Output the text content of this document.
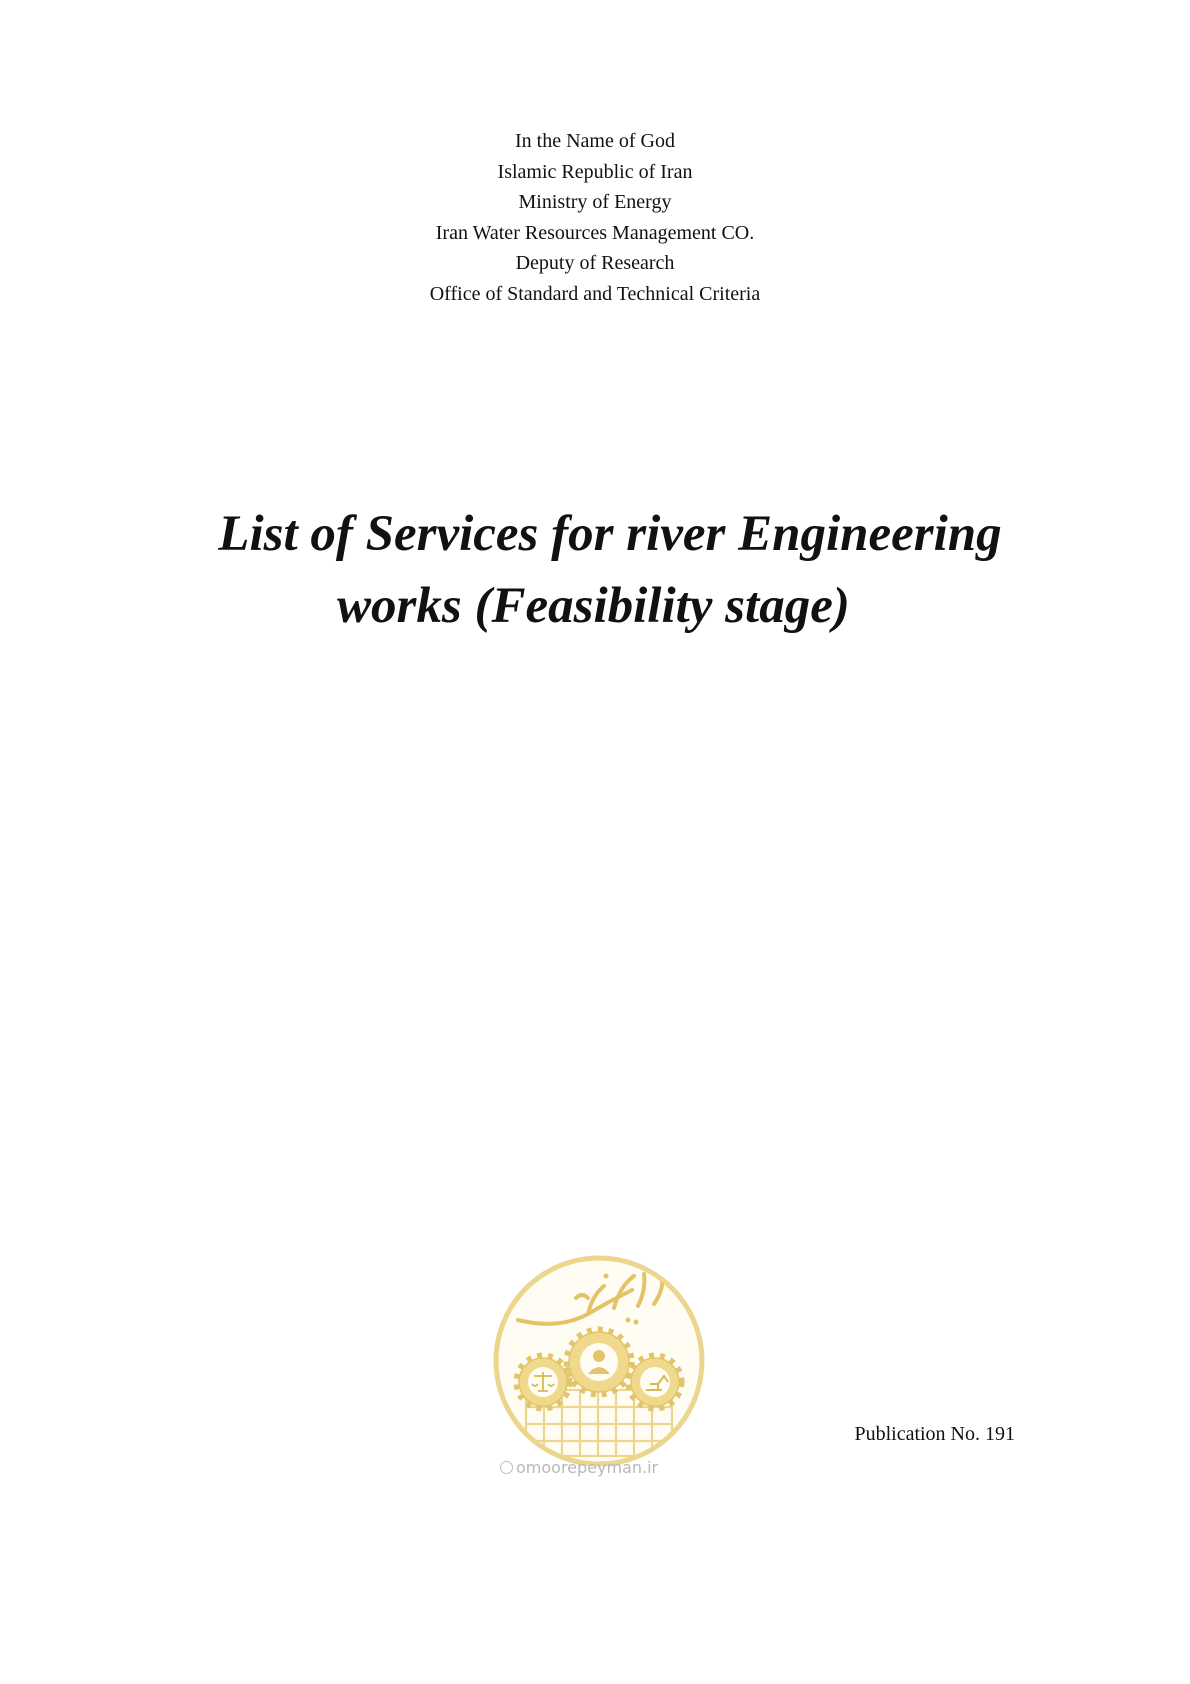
In the Name of God
Islamic Republic of Iran
Ministry of Energy
Iran Water Resources Management CO.
Deputy of Research
Office of Standard and Technical Criteria
List of Services for river Engineering
works (Feasibility stage)
omoorepeyman.ir
Publication No. 191
